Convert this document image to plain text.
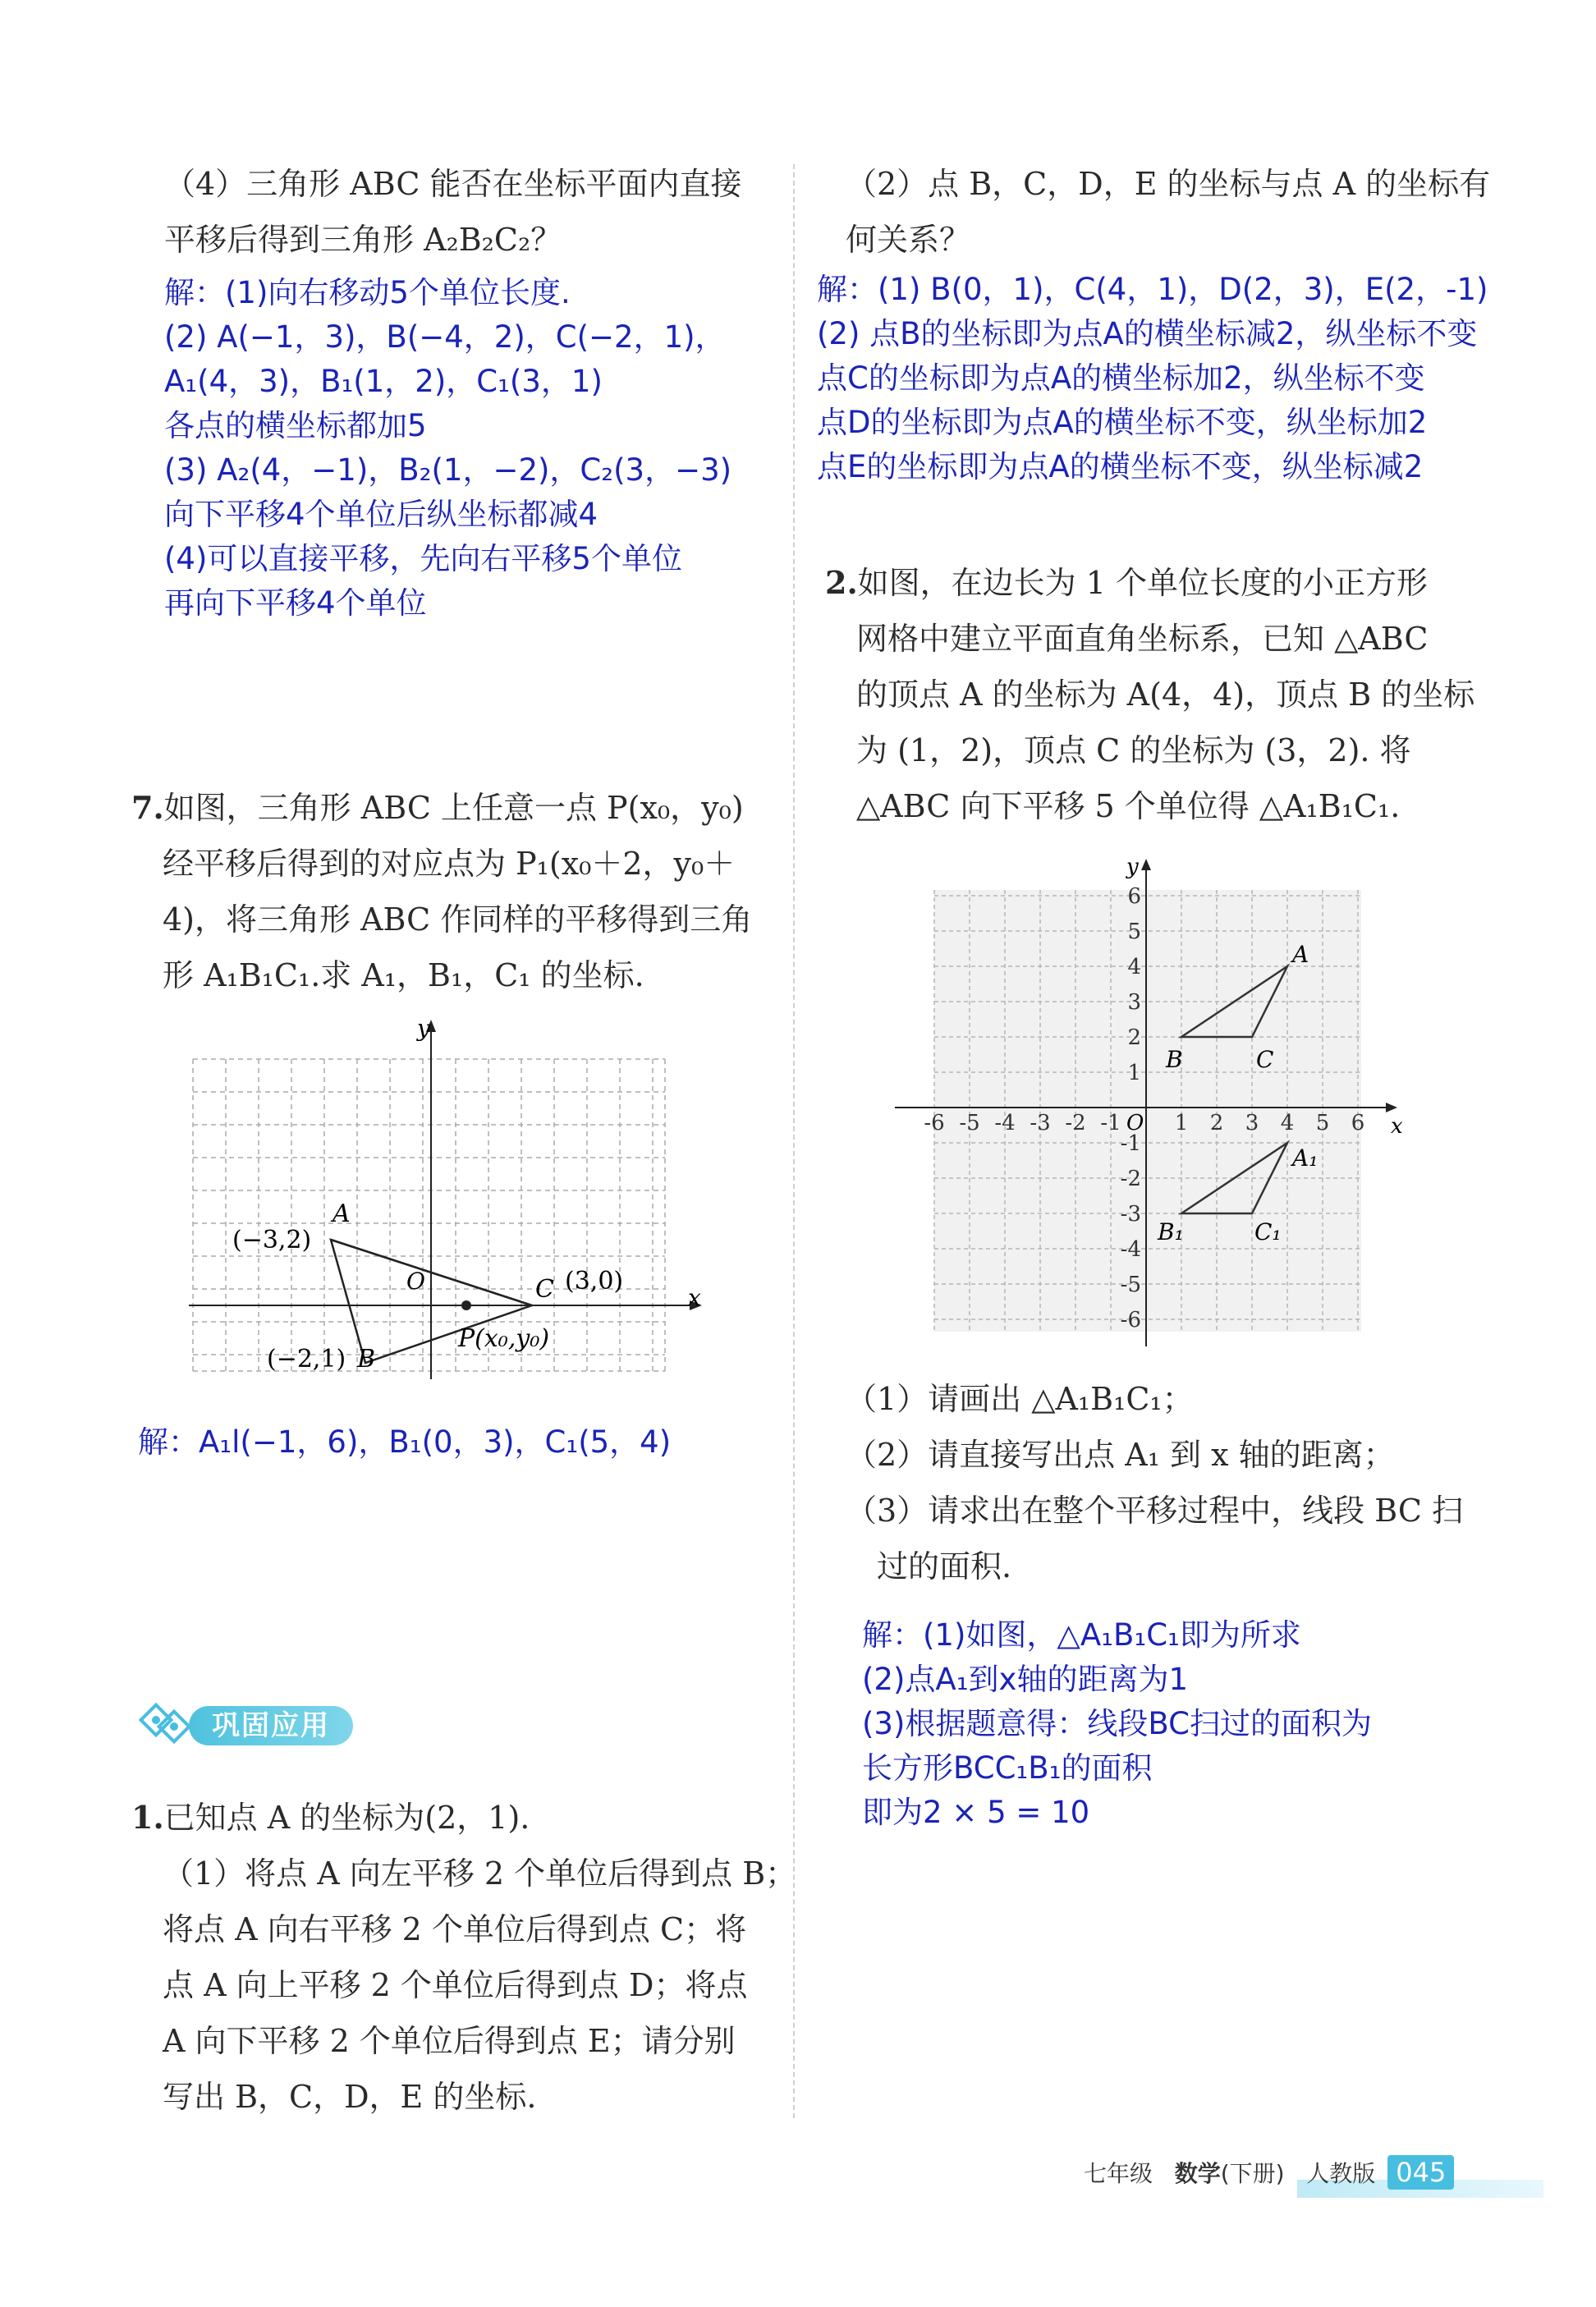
（4）三角形 ABC 能否在坐标平面内直接
平移后得到三角形 A₂B₂C₂？
解：(1)向右移动5个单位长度.
(2) A(−1，3)，B(−4，2)，C(−2，1)，
A₁(4，3)，B₁(1，2)，C₁(3，1)
各点的横坐标都加5
(3) A₂(4，−1)，B₂(1，−2)，C₂(3，−3)
向下平移4个单位后纵坐标都减4
(4)可以直接平移，先向右平移5个单位
再向下平移4个单位
7.如图，三角形 ABC 上任意一点 P(x₀，y₀)
经平移后得到的对应点为 P₁(x₀＋2，y₀＋
4)，将三角形 ABC 作同样的平移得到三角
形 A₁B₁C₁.求 A₁，B₁，C₁ 的坐标.
y
x
O
A
(−3,2)
B
(−2,1)
C (3,0)
P(x₀,y₀)
解：A₁l(−1，6)，B₁(0，3)，C₁(5，4)
巩固应用
1.已知点 A 的坐标为(2，1).
（1）将点 A 向左平移 2 个单位后得到点 B；
将点 A 向右平移 2 个单位后得到点 C；将
点 A 向上平移 2 个单位后得到点 D；将点
A 向下平移 2 个单位后得到点 E；请分别
写出 B，C，D，E 的坐标.
（2）点 B，C，D，E 的坐标与点 A 的坐标有
何关系？
解：(1) B(0，1)，C(4，1)，D(2，3)，E(2，-1)
(2) 点B的坐标即为点A的横坐标减2，纵坐标不变
点C的坐标即为点A的横坐标加2，纵坐标不变
点D的坐标即为点A的横坐标不变，纵坐标加2
点E的坐标即为点A的横坐标不变，纵坐标减2
2.如图，在边长为 1 个单位长度的小正方形
网格中建立平面直角坐标系，已知 △ABC
的顶点 A 的坐标为 A(4，4)，顶点 B 的坐标
为 (1，2)，顶点 C 的坐标为 (3，2). 将
△ABC 向下平移 5 个单位得 △A₁B₁C₁.
y
x
O
-6 -5 -4 -3 -2 -1	1 2 3 4 5 6
6
5
4
3
2
1
-1
-2
-3
-4
-5
-6
A
B	C
A₁
B₁	C₁
（1）请画出 △A₁B₁C₁；
（2）请直接写出点 A₁ 到 x 轴的距离；
（3）请求出在整个平移过程中，线段 BC 扫
过的面积.
解：(1)如图，△A₁B₁C₁即为所求
(2)点A₁到x轴的距离为1
(3)根据题意得：线段BC扫过的面积为
长方形BCC₁B₁的面积
即为2 × 5 = 10
七年级 数学(下册) 人教版 045
